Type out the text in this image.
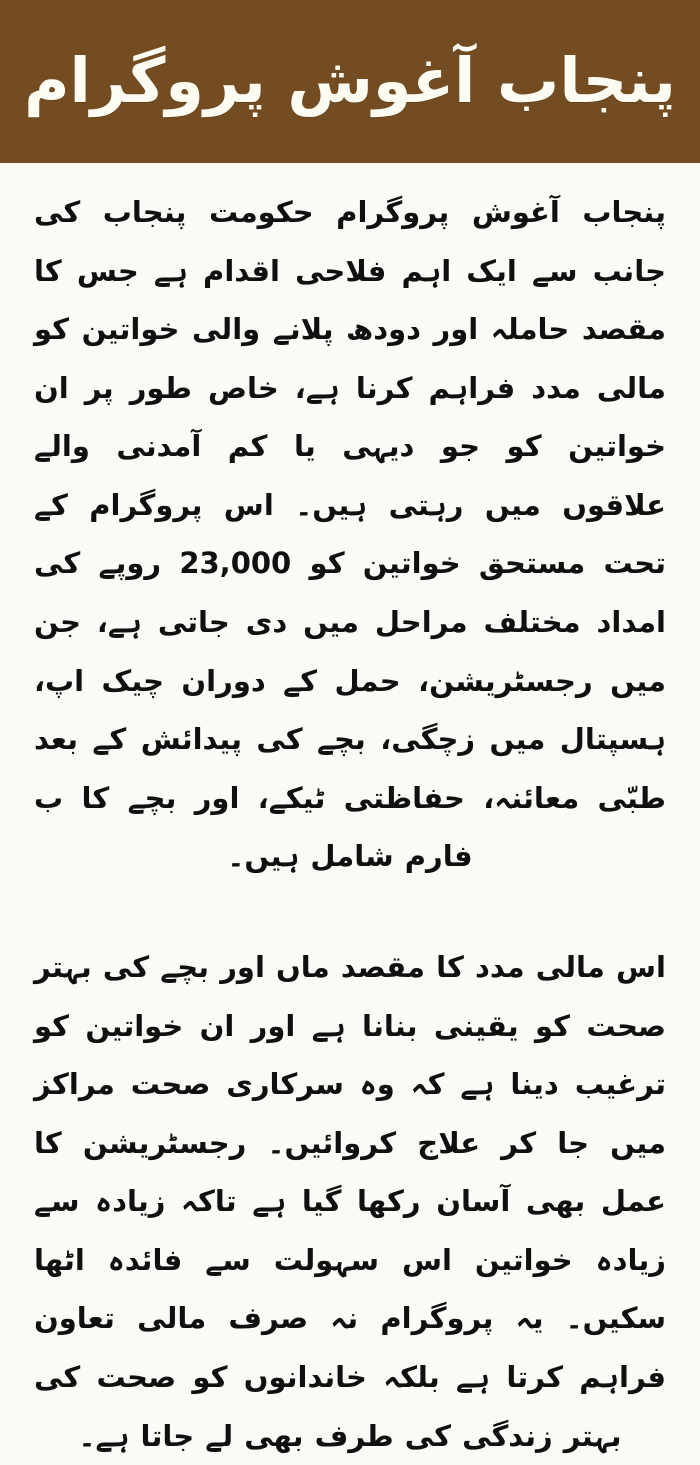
پنجاب آغوش پروگرام

پنجاب آغوش پروگرام حکومت پنجاب کی جانب سے ایک اہم فلاحی اقدام ہے جس کا مقصد حاملہ اور دودھ پلانے والی خواتین کو مالی مدد فراہم کرنا ہے، خاص طور پر ان خواتین کو جو دیہی یا کم آمدنی والے علاقوں میں رہتی ہیں۔ اس پروگرام کے تحت مستحق خواتین کو 23,000 روپے کی امداد مختلف مراحل میں دی جاتی ہے، جن میں رجسٹریشن، حمل کے دوران چیک اپ، ہسپتال میں زچگی، بچے کی پیدائش کے بعد طبّی معائنہ، حفاظتی ٹیکے، اور بچے کا ب فارم شامل ہیں۔

اس مالی مدد کا مقصد ماں اور بچے کی بہتر صحت کو یقینی بنانا ہے اور ان خواتین کو ترغیب دینا ہے کہ وہ سرکاری صحت مراکز میں جا کر علاج کروائیں۔ رجسٹریشن کا عمل بھی آسان رکھا گیا ہے تاکہ زیادہ سے زیادہ خواتین اس سہولت سے فائدہ اٹھا سکیں۔ یہ پروگرام نہ صرف مالی تعاون فراہم کرتا ہے بلکہ خاندانوں کو صحت کی بہتر زندگی کی طرف بھی لے جاتا ہے۔
